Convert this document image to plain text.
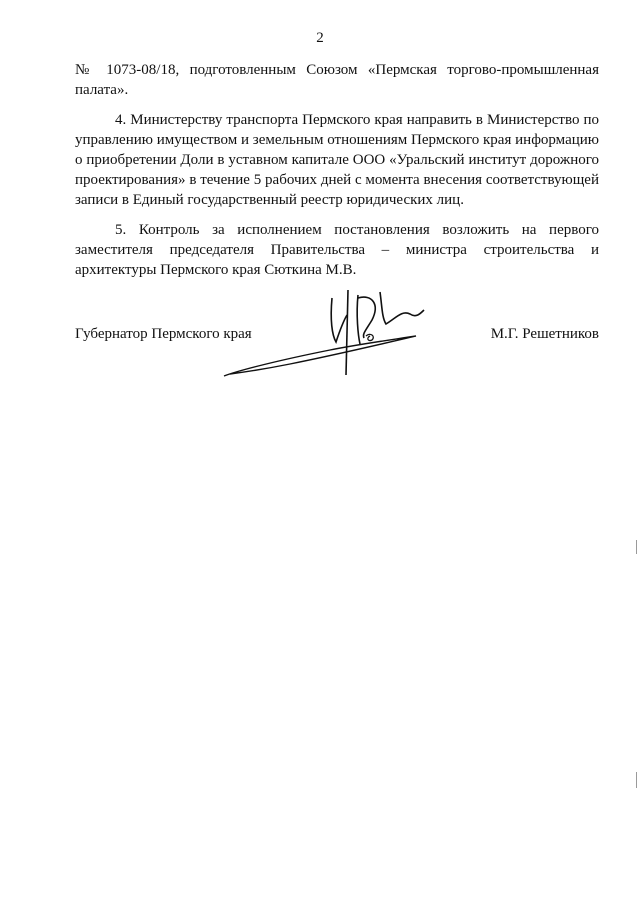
2

№ 1073-08/18, подготовленным Союзом «Пермская торгово-промышленная палата».

4. Министерству транспорта Пермского края направить в Министерство по управлению имуществом и земельным отношениям Пермского края информацию о приобретении Доли в уставном капитале ООО «Уральский институт дорожного проектирования» в течение 5 рабочих дней с момента внесения соответствующей записи в Единый государственный реестр юридических лиц.

5. Контроль за исполнением постановления возложить на первого заместителя председателя Правительства – министра строительства и архитектуры Пермского края Сюткина М.В.

Губернатор Пермского края	М.Г. Решетников
